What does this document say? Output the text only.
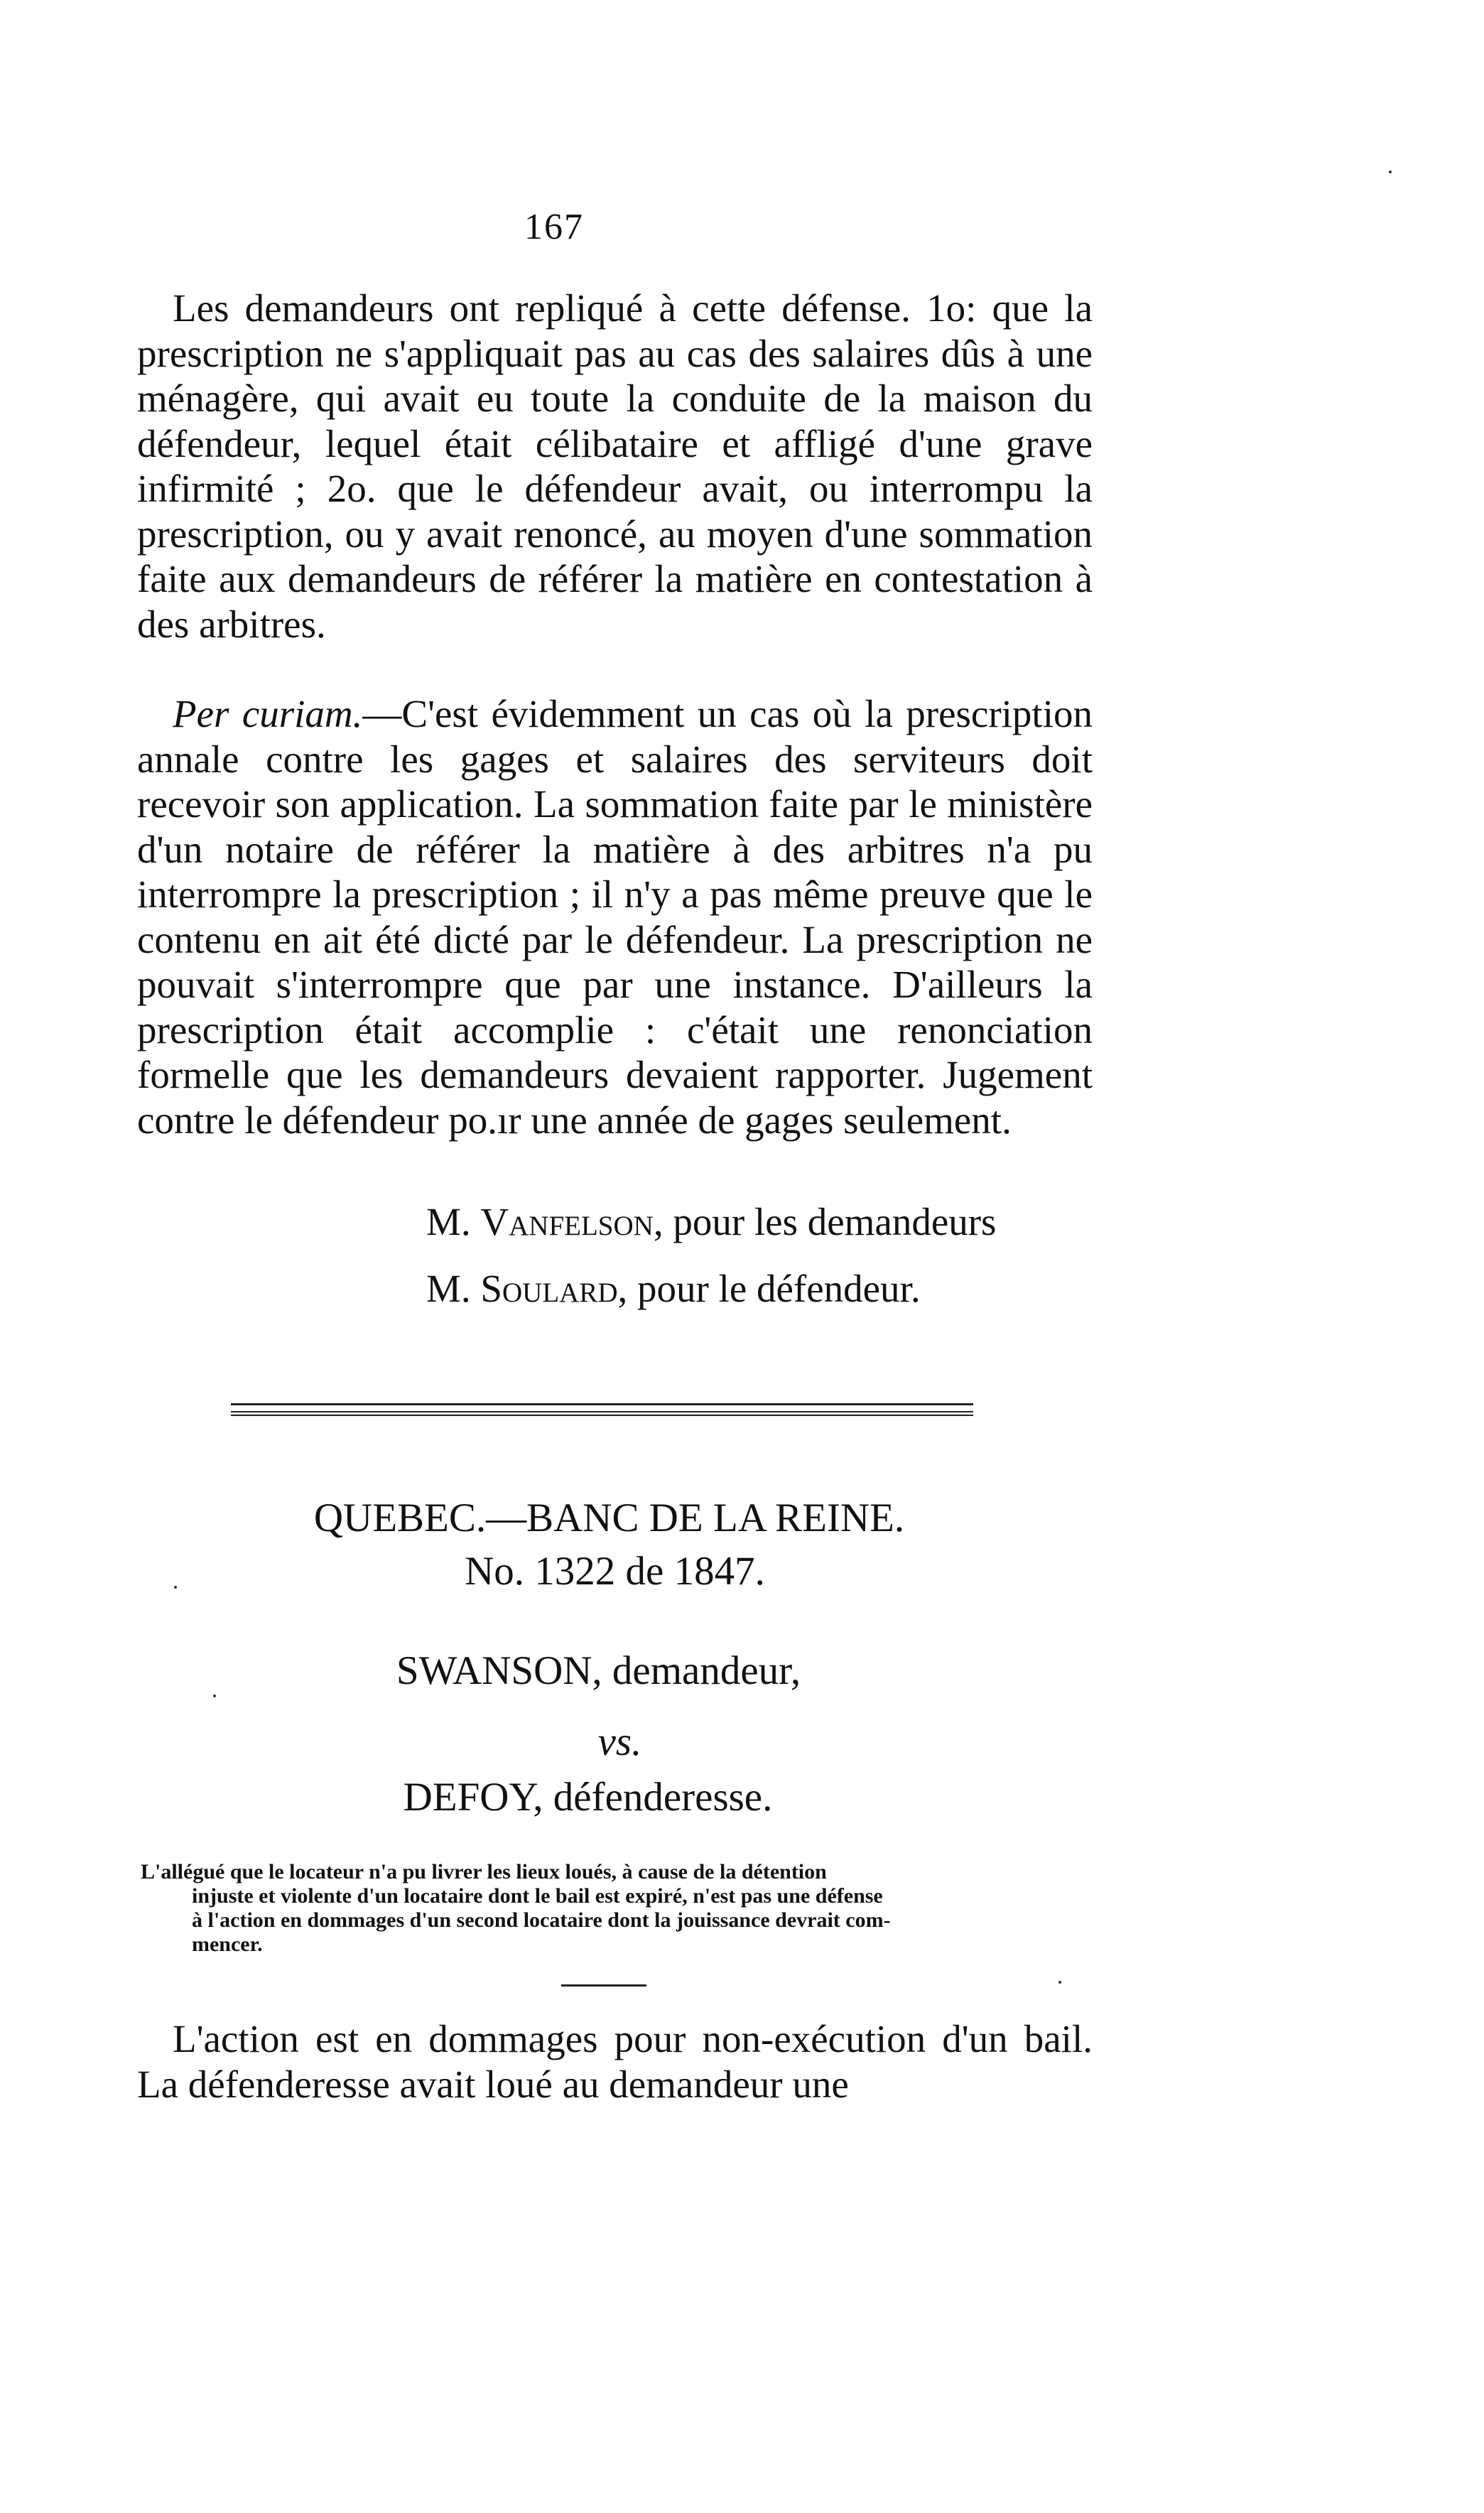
167

Les demandeurs ont repliqué à cette défense. 1o: que la prescription ne s'appliquait pas au cas des salaires dûs à une ménagère, qui avait eu toute la conduite de la maison du défendeur, lequel était célibataire et affligé d'une grave infirmité ; 2o. que le défendeur avait, ou interrompu la prescription, ou y avait renoncé, au moyen d'une sommation faite aux demandeurs de référer la matière en contestation à des arbitres.

Per curiam.—C'est évidemment un cas où la prescription annale contre les gages et salaires des serviteurs doit recevoir son application. La sommation faite par le ministère d'un notaire de référer la matière à des arbitres n'a pu interrompre la prescription ; il n'y a pas même preuve que le contenu en ait été dicté par le défendeur. La prescription ne pouvait s'interrompre que par une instance. D'ailleurs la prescription était accomplie : c'était une renonciation formelle que les demandeurs devaient rapporter. Jugement contre le défendeur po.ır une année de gages seulement.

M. Vanfelson, pour les demandeurs
M. Soulard, pour le défendeur.
QUEBEC.—BANC DE LA REINE.
No. 1322 de 1847.
SWANSON, demandeur,
vs.
DEFOY, défenderesse.
L'allégué que le locateur n'a pu livrer les lieux loués, à cause de la détention
injuste et violente d'un locataire dont le bail est expiré, n'est pas une défense
à l'action en dommages d'un second locataire dont la jouissance devrait com-
mencer.

L'action est en dommages pour non-exécution d'un bail. La défenderesse avait loué au demandeur une
